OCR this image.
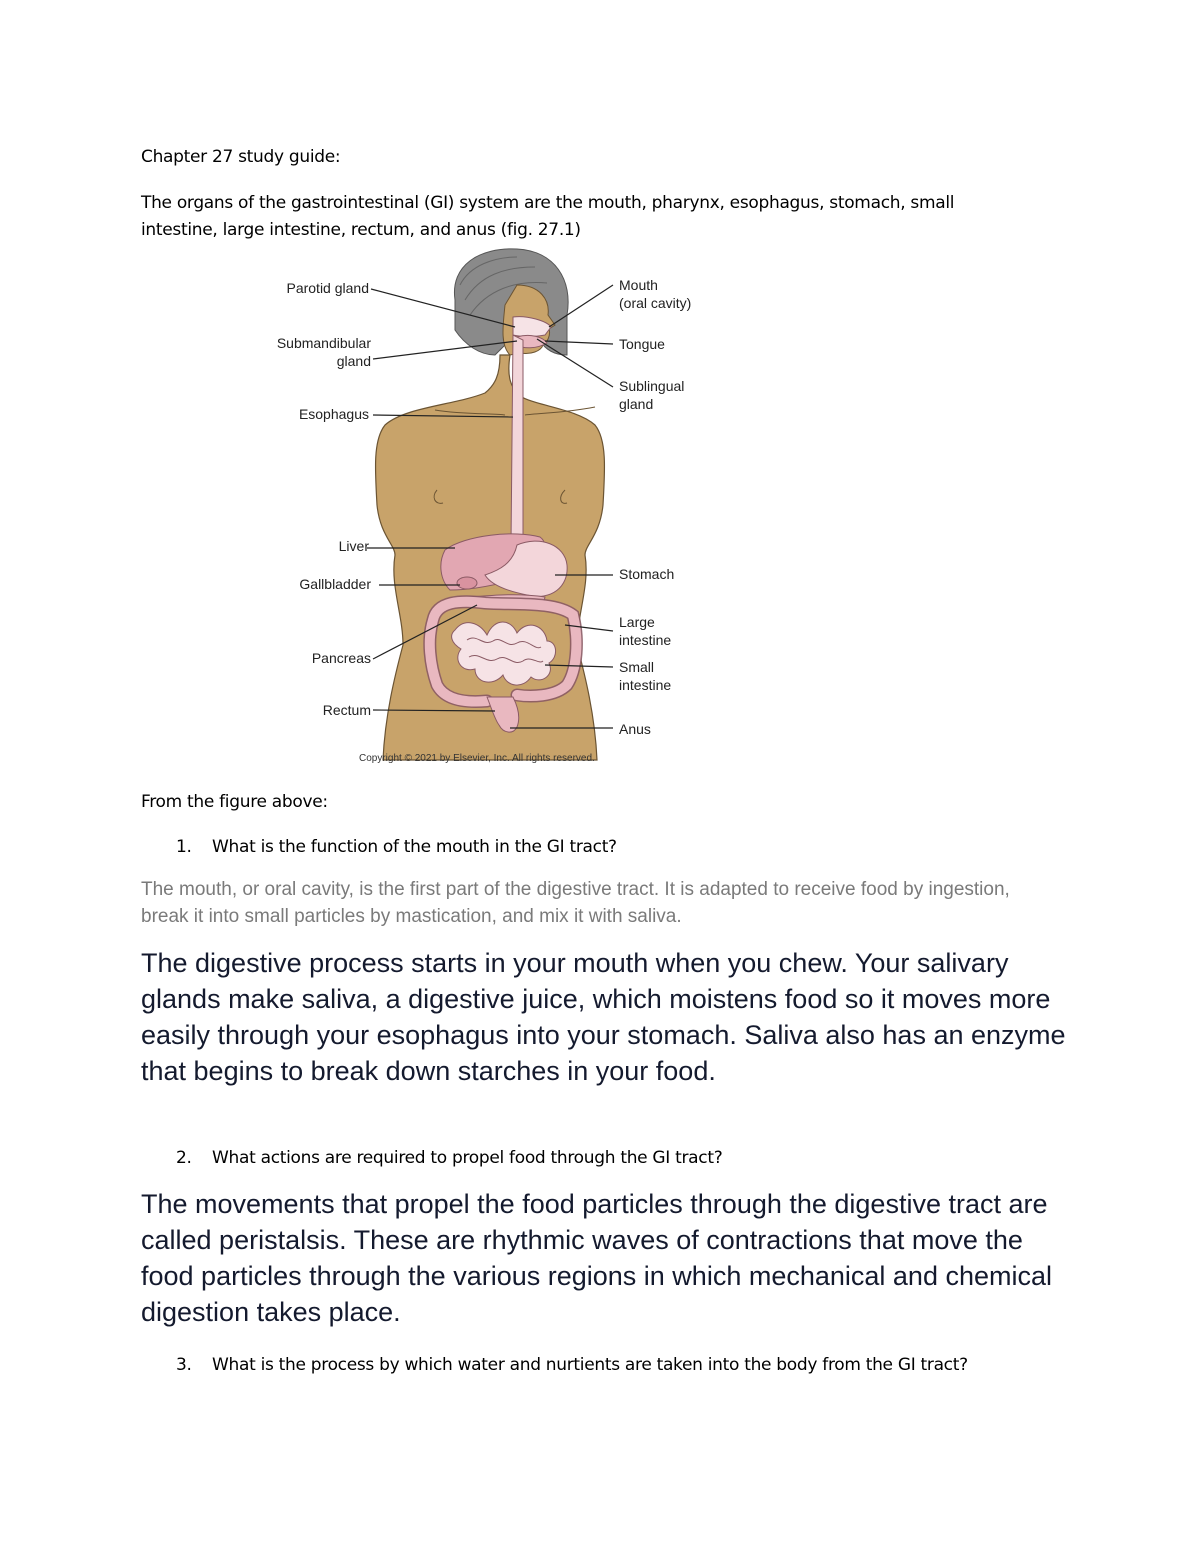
Chapter 27 study guide:

The organs of the gastrointestinal (GI) system are the mouth, pharynx, esophagus, stomach, small intestine, large intestine, rectum, and anus (fig. 27.1)

Parotid gland
Submandibular
gland
Esophagus
Liver
Gallbladder
Pancreas
Rectum
Mouth
(oral cavity)
Tongue
Sublingual
gland
Stomach
Large
intestine
Small
intestine
Anus
Copyright © 2021 by Elsevier, Inc. All rights reserved.

From the figure above:

1. What is the function of the mouth in the GI tract?

The mouth, or oral cavity, is the first part of the digestive tract. It is adapted to receive food by ingestion, break it into small particles by mastication, and mix it with saliva.

The digestive process starts in your mouth when you chew. Your salivary glands make saliva, a digestive juice, which moistens food so it moves more easily through your esophagus into your stomach. Saliva also has an enzyme that begins to break down starches in your food.

2. What actions are required to propel food through the GI tract?

The movements that propel the food particles through the digestive tract are called peristalsis. These are rhythmic waves of contractions that move the food particles through the various regions in which mechanical and chemical digestion takes place.

3. What is the process by which water and nurtients are taken into the body from the GI tract?
